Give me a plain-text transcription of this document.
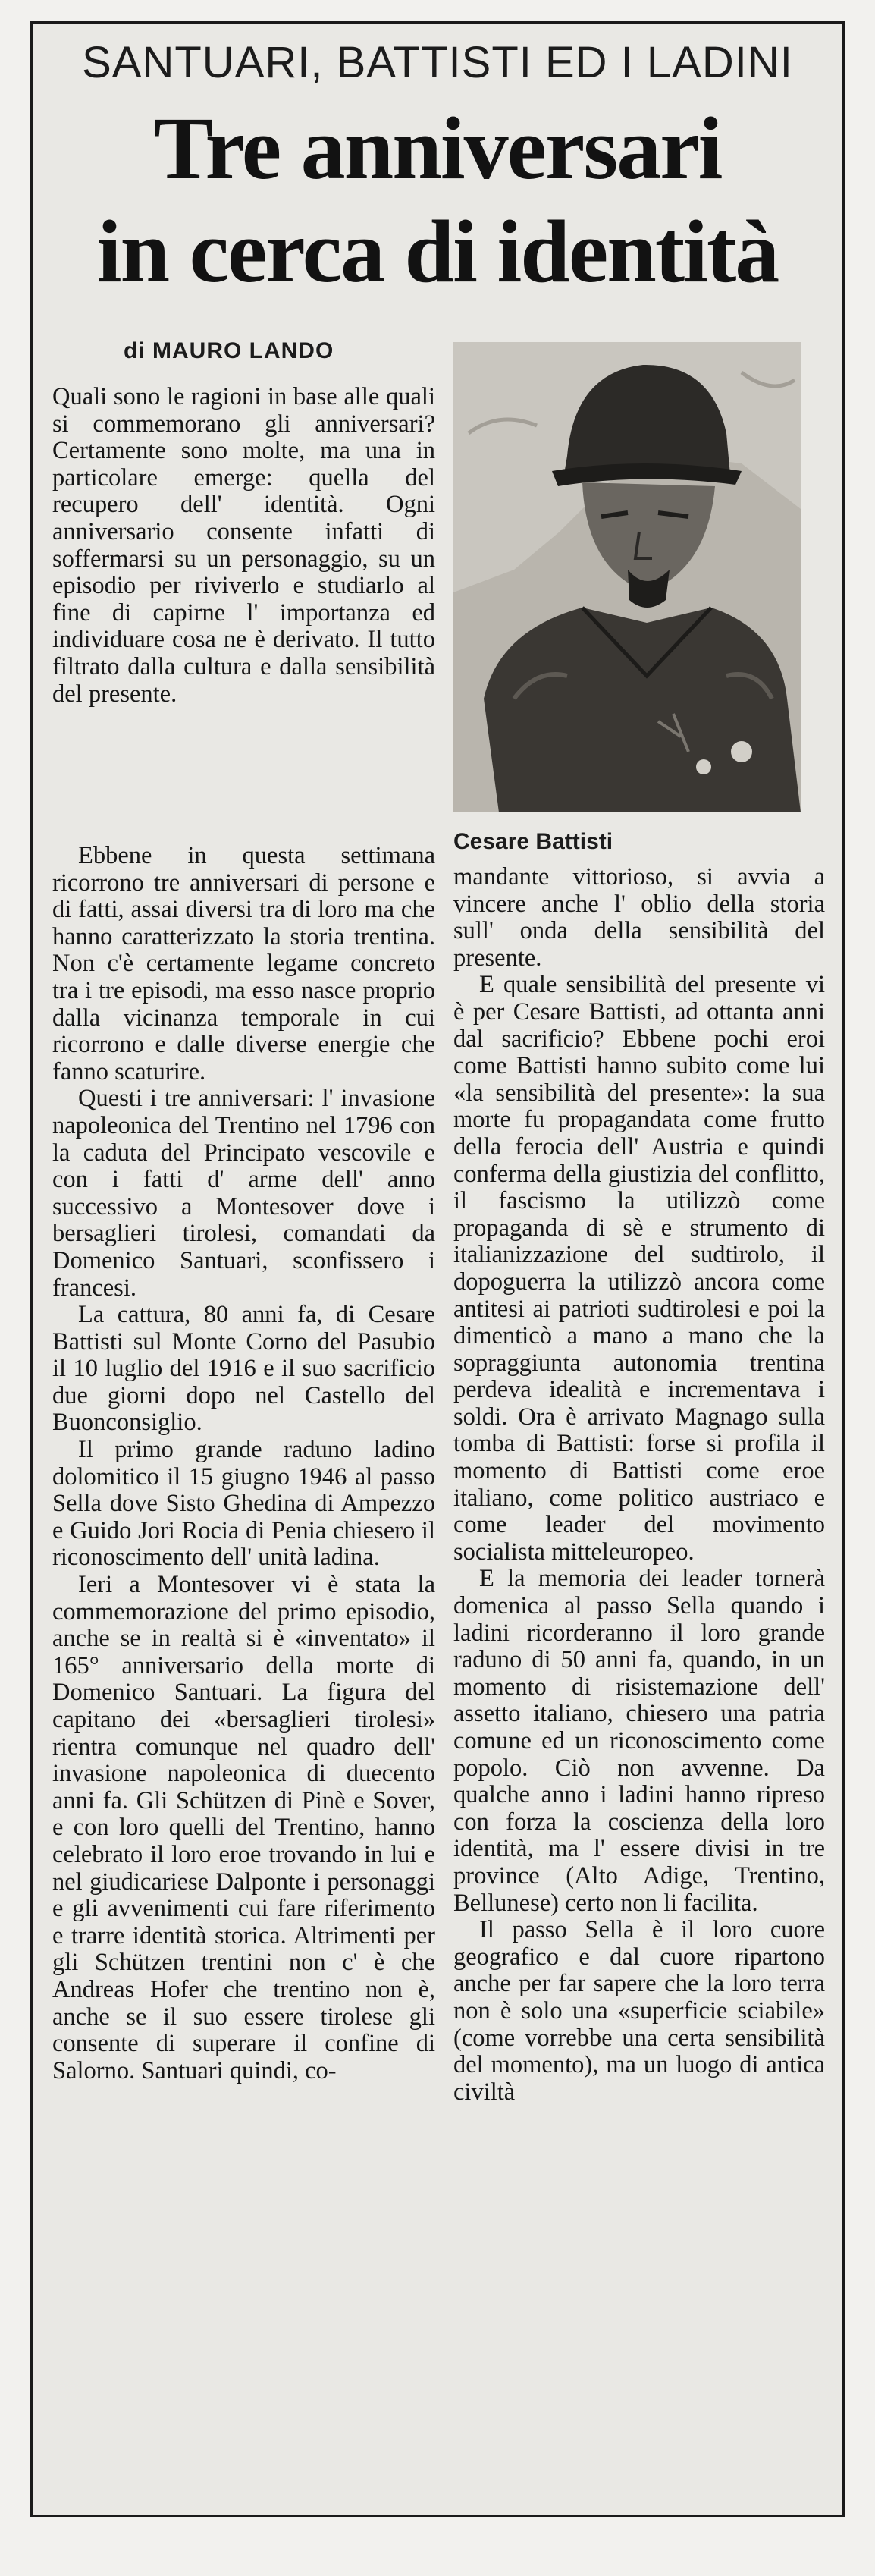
SANTUARI, BATTISTI ED I LADINI
Tre anniversari
in cerca di identità
di MAURO LANDO
Cesare Battisti

Quali sono le ragioni in base alle quali si commemorano gli anniversari? Certamente sono molte, ma una in particolare emerge: quella del recupero dell' identità. Ogni anniversario consente infatti di soffermarsi su un personaggio, su un episodio per riviverlo e studiarlo al fine di capirne l' importanza ed individuare cosa ne è derivato. Il tutto filtrato dalla cultura e dalla sensibilità del presente.

Ebbene in questa settimana ricorrono tre anniversari di persone e di fatti, assai diversi tra di loro ma che hanno caratterizzato la storia trentina. Non c'è certamente legame concreto tra i tre episodi, ma esso nasce proprio dalla vicinanza temporale in cui ricorrono e dalle diverse energie che fanno scaturire.

Questi i tre anniversari: l' invasione napoleonica del Trentino nel 1796 con la caduta del Principato vescovile e con i fatti d' arme dell' anno successivo a Montesover dove i bersaglieri tirolesi, comandati da Domenico Santuari, sconfissero i francesi.

La cattura, 80 anni fa, di Cesare Battisti sul Monte Corno del Pasubio il 10 luglio del 1916 e il suo sacrificio due giorni dopo nel Castello del Buonconsiglio.

Il primo grande raduno ladino dolomitico il 15 giugno 1946 al passo Sella dove Sisto Ghedina di Ampezzo e Guido Jori Rocia di Penia chiesero il riconoscimento dell' unità ladina.

Ieri a Montesover vi è stata la commemorazione del primo episodio, anche se in realtà si è «inventato» il 165° anniversario della morte di Domenico Santuari. La figura del capitano dei «bersaglieri tirolesi» rientra comunque nel quadro dell' invasione napoleonica di duecento anni fa. Gli Schützen di Pinè e Sover, e con loro quelli del Trentino, hanno celebrato il loro eroe trovando in lui e nel giudicariese Dalponte i personaggi e gli avvenimenti cui fare riferimento e trarre identità storica. Altrimenti per gli Schützen trentini non c' è che Andreas Hofer che trentino non è, anche se il suo essere tirolese gli consente di superare il confine di Salorno. Santuari quindi, co-

mandante vittorioso, si avvia a vincere anche l' oblio della storia sull' onda della sensibilità del presente.

E quale sensibilità del presente vi è per Cesare Battisti, ad ottanta anni dal sacrificio? Ebbene pochi eroi come Battisti hanno subito come lui «la sensibilità del presente»: la sua morte fu propagandata come frutto della ferocia dell' Austria e quindi conferma della giustizia del conflitto, il fascismo la utilizzò come propaganda di sè e strumento di italianizzazione del sudtirolo, il dopoguerra la utilizzò ancora come antitesi ai patrioti sudtirolesi e poi la dimenticò a mano a mano che la sopraggiunta autonomia trentina perdeva idealità e incrementava i soldi. Ora è arrivato Magnago sulla tomba di Battisti: forse si profila il momento di Battisti come eroe italiano, come politico austriaco e come leader del movimento socialista mitteleuropeo.

E la memoria dei leader tornerà domenica al passo Sella quando i ladini ricorderanno il loro grande raduno di 50 anni fa, quando, in un momento di risistemazione dell' assetto italiano, chiesero una patria comune ed un riconoscimento come popolo. Ciò non avvenne. Da qualche anno i ladini hanno ripreso con forza la coscienza della loro identità, ma l' essere divisi in tre province (Alto Adige, Trentino, Bellunese) certo non li facilita.

Il passo Sella è il loro cuore geografico e dal cuore ripartono anche per far sapere che la loro terra non è solo una «superficie sciabile» (come vorrebbe una certa sensibilità del momento), ma un luogo di antica civiltà
